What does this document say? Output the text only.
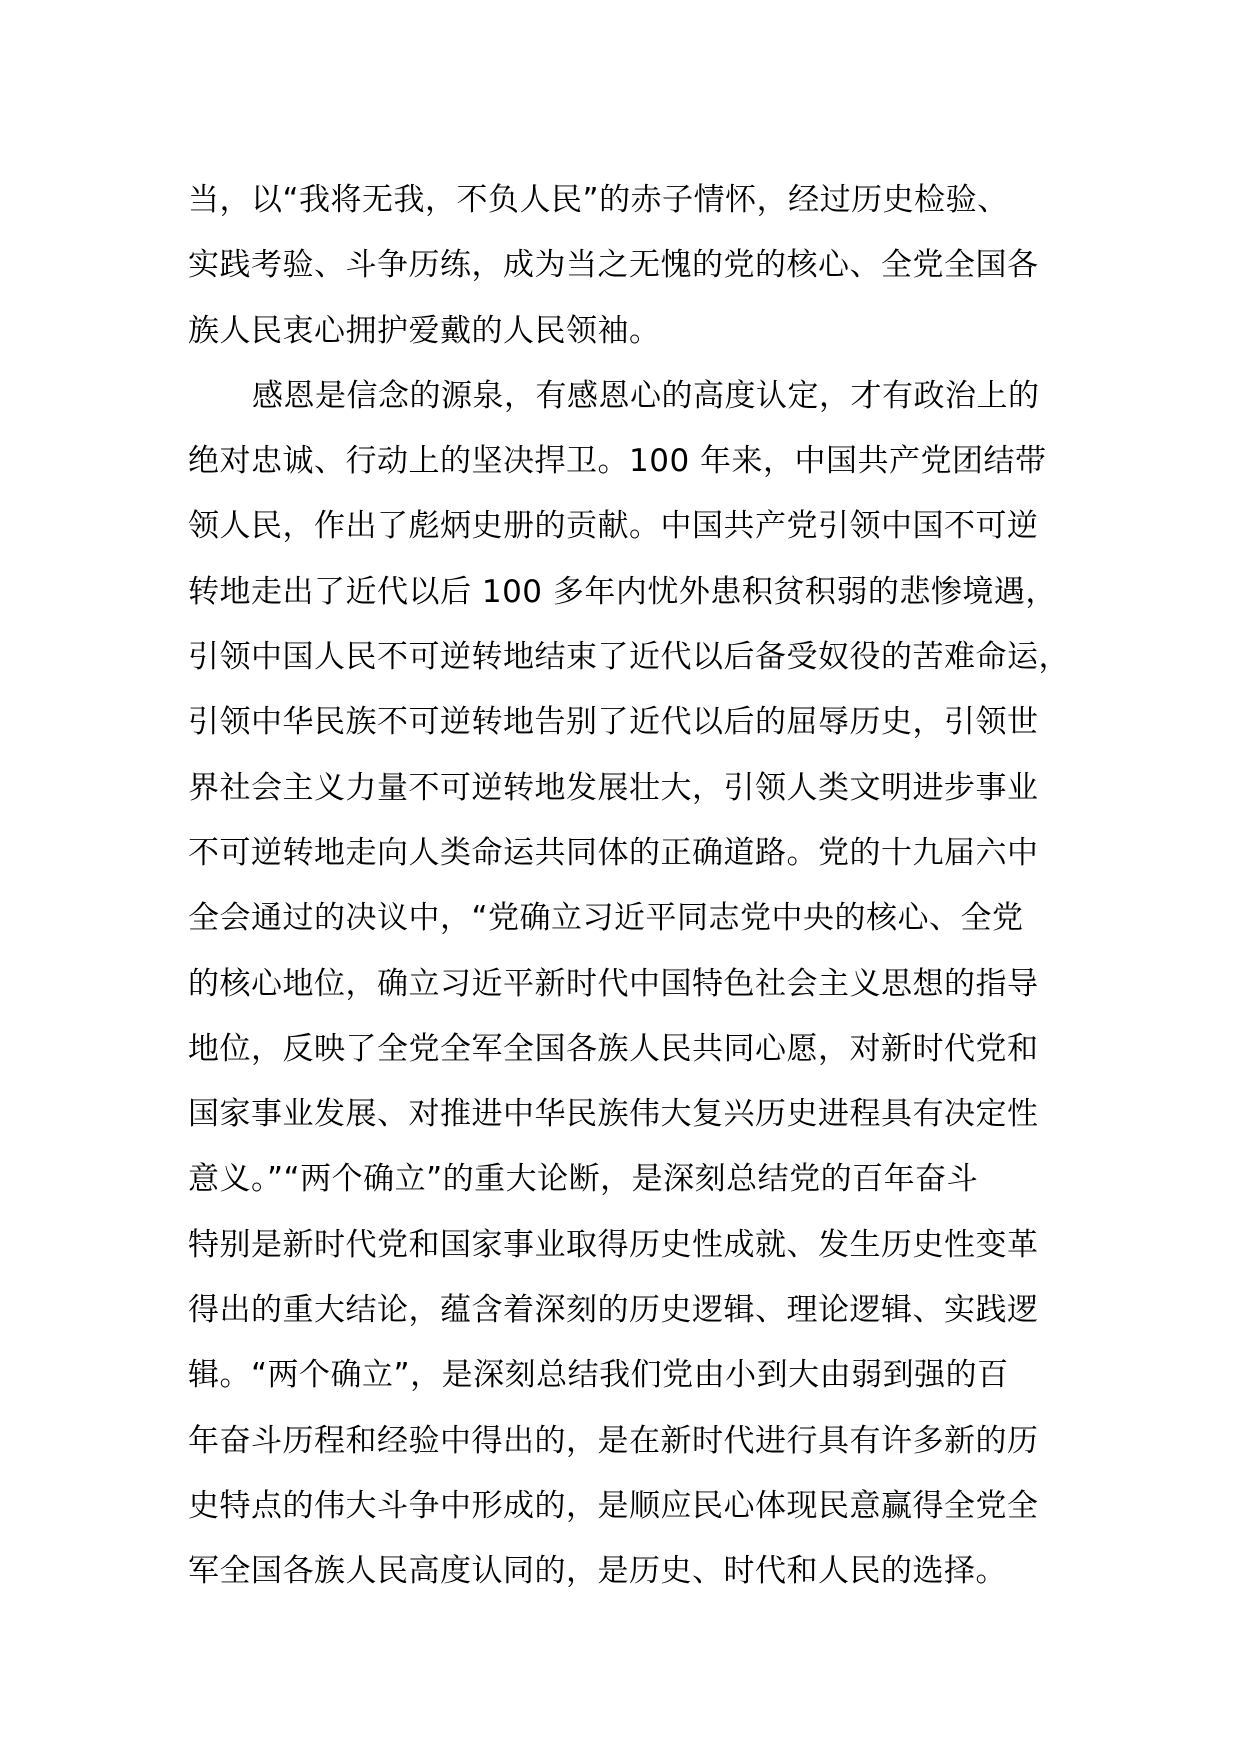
当，以“我将无我，不负人民”的赤子情怀，经过历史检验、
实践考验、斗争历练，成为当之无愧的党的核心、全党全国各
族人民衷心拥护爱戴的人民领袖。
感恩是信念的源泉，有感恩心的高度认定，才有政治上的
绝对忠诚、行动上的坚决捍卫。100 年来，中国共产党团结带
领人民，作出了彪炳史册的贡献。中国共产党引领中国不可逆
转地走出了近代以后 100 多年内忧外患积贫积弱的悲惨境遇，
引领中国人民不可逆转地结束了近代以后备受奴役的苦难命运，
引领中华民族不可逆转地告别了近代以后的屈辱历史，引领世
界社会主义力量不可逆转地发展壮大，引领人类文明进步事业
不可逆转地走向人类命运共同体的正确道路。党的十九届六中
全会通过的决议中，“党确立习近平同志党中央的核心、全党
的核心地位，确立习近平新时代中国特色社会主义思想的指导
地位，反映了全党全军全国各族人民共同心愿，对新时代党和
国家事业发展、对推进中华民族伟大复兴历史进程具有决定性
意义。”“两个确立”的重大论断，是深刻总结党的百年奋斗
特别是新时代党和国家事业取得历史性成就、发生历史性变革
得出的重大结论，蕴含着深刻的历史逻辑、理论逻辑、实践逻
辑。“两个确立”，是深刻总结我们党由小到大由弱到强的百
年奋斗历程和经验中得出的，是在新时代进行具有许多新的历
史特点的伟大斗争中形成的，是顺应民心体现民意赢得全党全
军全国各族人民高度认同的，是历史、时代和人民的选择。
